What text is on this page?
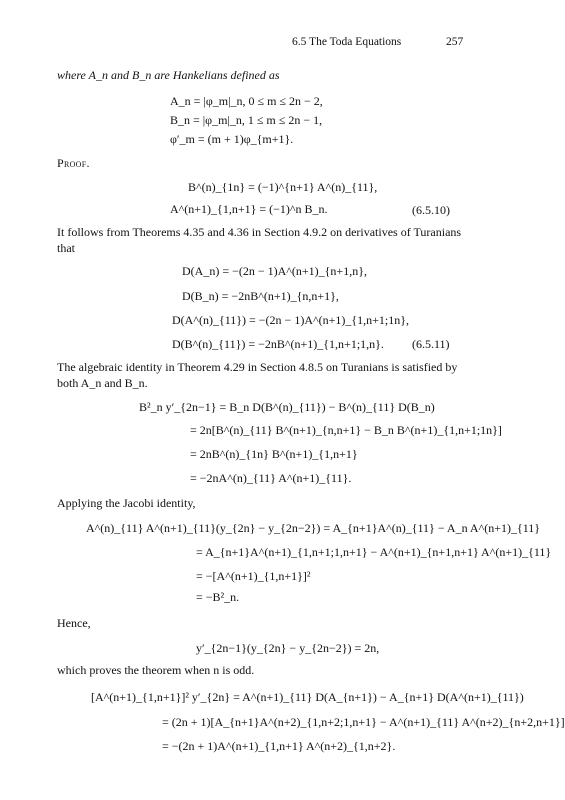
6.5 The Toda Equations	257
where A_n and B_n are Hankelians defined as
A_n = |φ_m|_n, 0 ≤ m ≤ 2n − 2,
B_n = |φ_m|_n, 1 ≤ m ≤ 2n − 1,
φ′_m = (m + 1)φ_{m+1}.
Proof.
B^(n)_{1n} = (−1)^{n+1} A^(n)_{11},
A^(n+1)_{1,n+1} = (−1)^n B_n.	(6.5.10)
It follows from Theorems 4.35 and 4.36 in Section 4.9.2 on derivatives of Turanians that
D(A_n) = −(2n − 1)A^(n+1)_{n+1,n},
D(B_n) = −2nB^(n+1)_{n,n+1},
D(A^(n)_{11}) = −(2n − 1)A^(n+1)_{1,n+1;1n},
D(B^(n)_{11}) = −2nB^(n+1)_{1,n+1;1,n}. (6.5.11)
The algebraic identity in Theorem 4.29 in Section 4.8.5 on Turanians is satisfied by both A_n and B_n.
B²_n y′_{2n−1} = B_n D(B^(n)_{11}) − B^(n)_{11} D(B_n)
= 2n[B^(n)_{11} B^(n+1)_{n,n+1} − B_n B^(n+1)_{1,n+1;1n}]
= 2nB^(n)_{1n} B^(n+1)_{1,n+1}
= −2nA^(n)_{11} A^(n+1)_{11}.
Applying the Jacobi identity,
A^(n)_{11} A^(n+1)_{11}(y_{2n} − y_{2n−2}) = A_{n+1}A^(n)_{11} − A_n A^(n+1)_{11}
= A_{n+1}A^(n+1)_{1,n+1;1,n+1} − A^(n+1)_{n+1,n+1} A^(n+1)_{11}
= −[A^(n+1)_{1,n+1}]²
= −B²_n.
Hence,
y′_{2n−1}(y_{2n} − y_{2n−2}) = 2n,
which proves the theorem when n is odd.
[A^(n+1)_{1,n+1}]² y′_{2n} = A^(n+1)_{11} D(A_{n+1}) − A_{n+1} D(A^(n+1)_{11})
= (2n + 1)[A_{n+1}A^(n+2)_{1,n+2;1,n+1} − A^(n+1)_{11} A^(n+2)_{n+2,n+1}]
= −(2n + 1)A^(n+1)_{1,n+1} A^(n+2)_{1,n+2}.
